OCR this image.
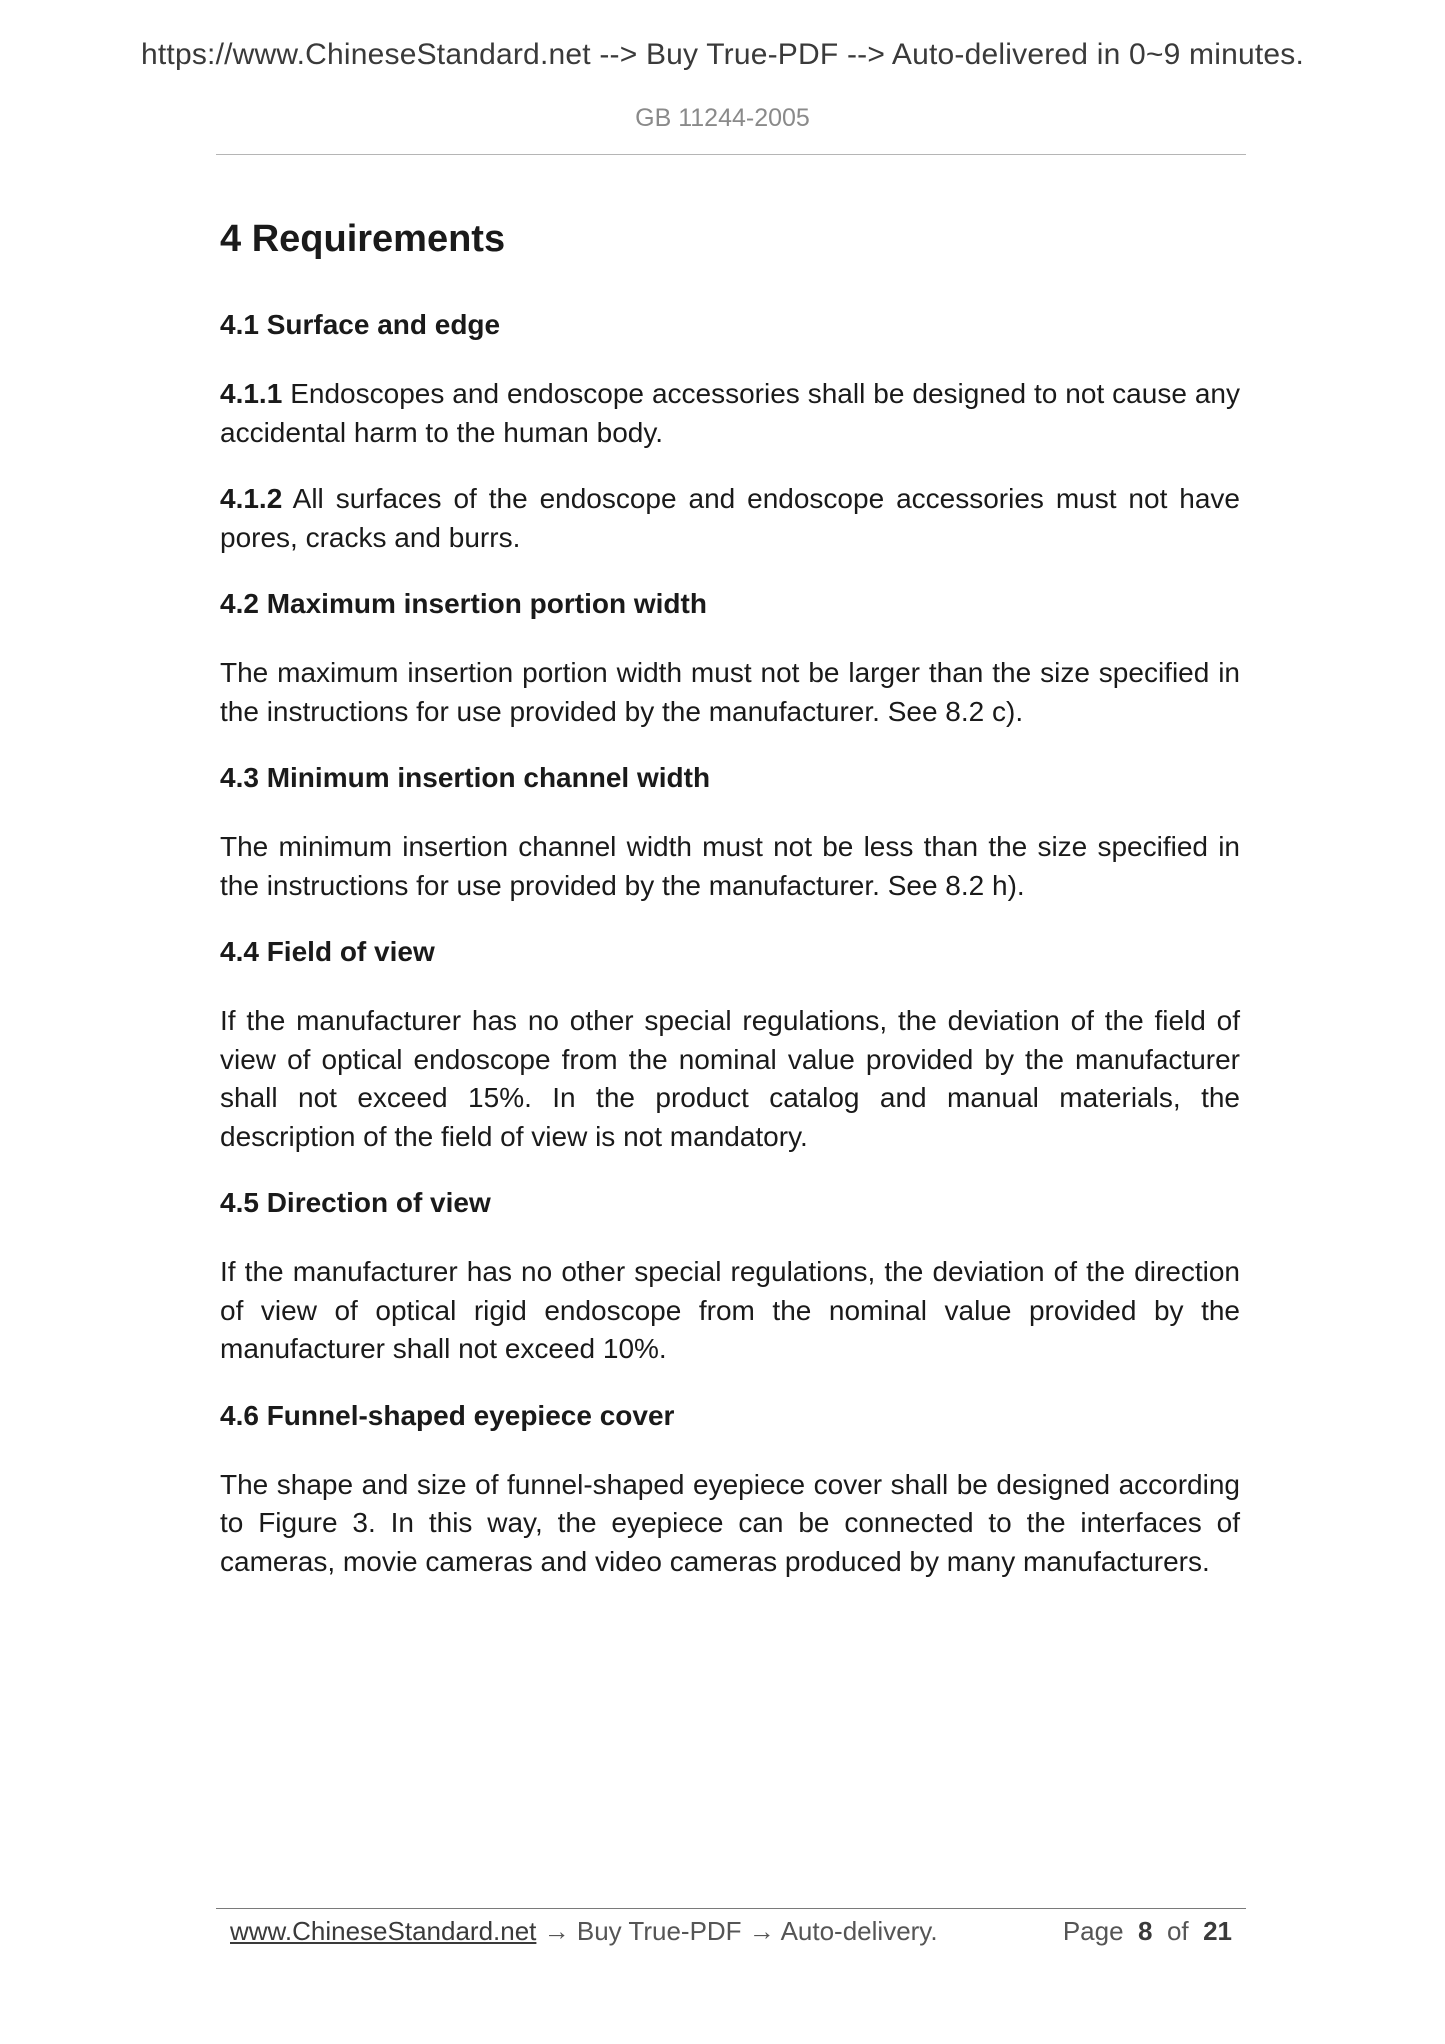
https://www.ChineseStandard.net --> Buy True-PDF --> Auto-delivered in 0~9 minutes.
GB 11244-2005
4 Requirements
4.1 Surface and edge

4.1.1 Endoscopes and endoscope accessories shall be designed to not cause any accidental harm to the human body.

4.1.2 All surfaces of the endoscope and endoscope accessories must not have pores, cracks and burrs.

4.2 Maximum insertion portion width

The maximum insertion portion width must not be larger than the size specified in the instructions for use provided by the manufacturer. See 8.2 c).

4.3 Minimum insertion channel width

The minimum insertion channel width must not be less than the size specified in the instructions for use provided by the manufacturer. See 8.2 h).

4.4 Field of view

If the manufacturer has no other special regulations, the deviation of the field of view of optical endoscope from the nominal value provided by the manufacturer shall not exceed 15%. In the product catalog and manual materials, the description of the field of view is not mandatory.

4.5 Direction of view

If the manufacturer has no other special regulations, the deviation of the direction of view of optical rigid endoscope from the nominal value provided by the manufacturer shall not exceed 10%.

4.6 Funnel-shaped eyepiece cover

The shape and size of funnel-shaped eyepiece cover shall be designed according to Figure 3. In this way, the eyepiece can be connected to the interfaces of cameras, movie cameras and video cameras produced by many manufacturers.

www.ChineseStandard.net → Buy True-PDF → Auto-delivery.	Page 8 of 21
